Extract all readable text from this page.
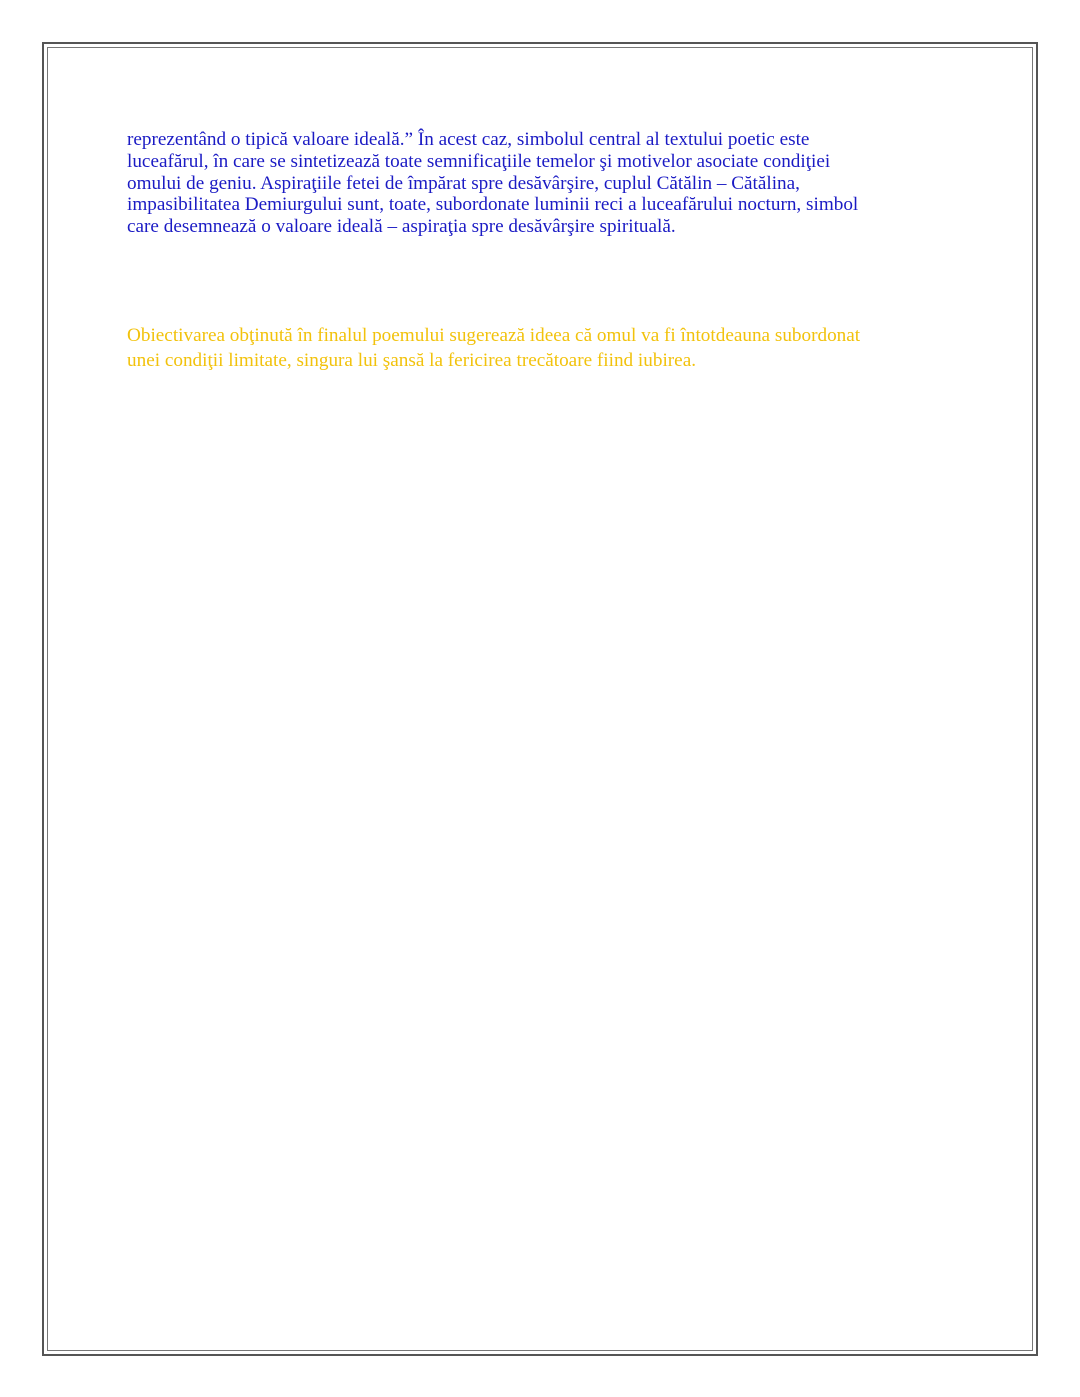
reprezentând o tipică valoare ideală.” În acest caz, simbolul central al textului poetic este
luceafărul, în care se sintetizează toate semnificaţiile temelor şi motivelor asociate condiţiei
omului de geniu. Aspiraţiile fetei de împărat spre desăvârşire, cuplul Cătălin – Cătălina,
impasibilitatea Demiurgului sunt, toate, subordonate luminii reci a luceafărului nocturn, simbol
care desemnează o valoare ideală – aspiraţia spre desăvârşire spirituală.

Obiectivarea obţinută în finalul poemului sugerează ideea că omul va fi întotdeauna subordonat
unei condiţii limitate, singura lui şansă la fericirea trecătoare fiind iubirea.
